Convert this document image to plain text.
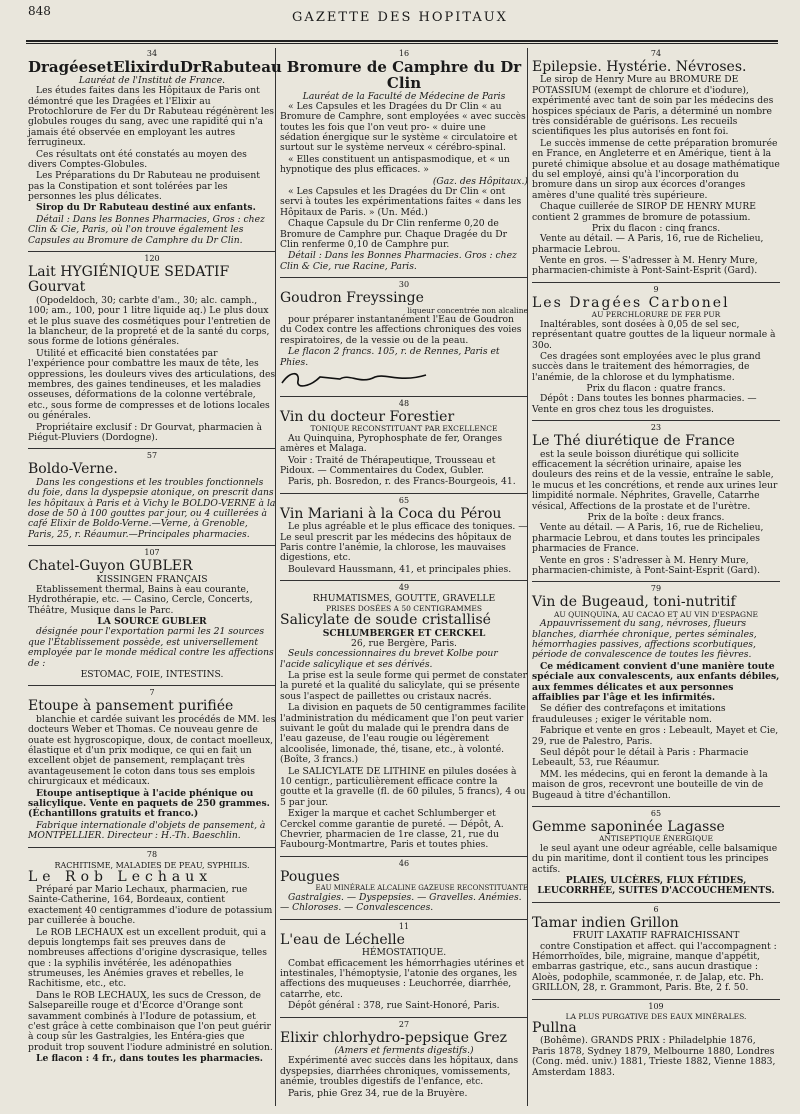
848	GAZETTE DES HOPITAUX
34
DragéesetElixirduDrRabuteau
Lauréat de l'Institut de France.

Les études faites dans les Hôpitaux de Paris ont démontré que les Dragées et l'Elixir au Protochlorure de Fer du Dr Rabuteau régénèrent les globules rouges du sang, avec une rapidité qui n'a jamais été observée en employant les autres ferrugineux.

Ces résultats ont été constatés au moyen des divers Comptes-Globules.

Les Préparations du Dr Rabuteau ne produisent pas la Constipation et sont tolérées par les personnes les plus délicates.

Sirop du Dr Rabuteau destiné aux enfants.

Détail : Dans les Bonnes Pharmacies, Gros : chez Clin & Cie, Paris, où l'on trouve également les Capsules au Bromure de Camphre du Dr Clin.

120
Lait HYGIÉNIQUE SEDATIF Gourvat

(Opodeldoch, 30; carbte d'am., 30; alc. camph., 100; am., 100, pour 1 litre liquide aq.) Le plus doux et le plus suave des cosmétiques pour l'entretien de la blancheur, de la propreté et de la santé du corps, sous forme de lotions générales.

Utilité et efficacité bien constatées par l'expérience pour combattre les maux de tête, les oppressions, les douleurs vives des articulations, des membres, des gaines tendineuses, et les maladies osseuses, déformations de la colonne vertébrale, etc., sous forme de compresses et de lotions locales ou générales.

Propriétaire exclusif : Dr Gourvat, pharmacien à Piégut-Pluviers (Dordogne).

57
Boldo-Verne.

Dans les congestions et les troubles fonctionnels du foie, dans la dyspepsie atonique, on prescrit dans les hôpitaux à Paris et à Vichy le BOLDO-VERNE à la dose de 50 à 100 gouttes par jour, ou 4 cuillerées à café Elixir de Boldo-Verne.—Verne, à Grenoble, Paris, 25, r. Réaumur.—Principales pharmacies.

107
Chatel-Guyon GUBLER
KISSINGEN FRANÇAIS

Etablissement thermal, Bains à eau courante, Hydrothérapie, etc. — Casino, Cercle, Concerts, Théâtre, Musique dans le Parc.

LA SOURCE GUBLER

désignée pour l'exportation parmi les 21 sources que l'Établissement possède, est universellement employée par le monde médical contre les affections de :

ESTOMAC, FOIE, INTESTINS.
7
Etoupe à pansement purifiée

blanchie et cardée suivant les procédés de MM. les docteurs Weber et Thomas. Ce nouveau genre de ouate est hygroscopique, doux, de contact moelleux, élastique et d'un prix modique, ce qui en fait un excellent objet de pansement, remplaçant très avantageusement le coton dans tous ses emplois chirurgicaux et médicaux.

Etoupe antiseptique à l'acide phénique ou salicylique. Vente en paquets de 250 grammes. (Échantillons gratuits et franco.)

Fabrique internationale d'objets de pansement, à MONTPELLIER. Directeur : H.-Th. Baeschlin.

78
RACHITISME, MALADIES DE PEAU, SYPHILIS.
Le Rob Lechaux

Préparé par Mario Lechaux, pharmacien, rue Sainte-Catherine, 164, Bordeaux, contient exactement 40 centigrammes d'iodure de potassium par cuillerée à bouche.

Le ROB LECHAUX est un excellent produit, qui a depuis longtemps fait ses preuves dans de nombreuses affections d'origine dyscrasique, telles que : la syphilis invétérée, les adénopathies strumeuses, les Anémies graves et rebelles, le Rachitisme, etc., etc.

Dans le ROB LECHAUX, les sucs de Cresson, de Salsepareille rouge et d'Écorce d'Orange sont savamment combinés à l'Iodure de potassium, et c'est grâce à cette combinaison que l'on peut guérir à coup sûr les Gastralgies, les Entéra-gies que produit trop souvent l'iodure administré en solution.

Le flacon : 4 fr., dans toutes les pharmacies.

16
Bromure de Camphre du Dr Clin
Lauréat de la Faculté de Médecine de Paris

« Les Capsules et les Dragées du Dr Clin « au Bromure de Camphre, sont employées « avec succès toutes les fois que l'on veut pro- « duire une sédation énergique sur le système « circulatoire et surtout sur le système nerveux « cérébro-spinal.

« Elles constituent un antispasmodique, et « un hypnotique des plus efficaces. »

(Gaz. des Hôpitaux.)

« Les Capsules et les Dragées du Dr Clin « ont servi à toutes les expérimentations faites « dans les Hôpitaux de Paris. » (Un. Méd.)

Chaque Capsule du Dr Clin renferme 0,20 de Bromure de Camphre pur. Chaque Dragée du Dr Clin renferme 0,10 de Camphre pur.

Détail : Dans les Bonnes Pharmacies. Gros : chez Clin & Cie, rue Racine, Paris.

30
Goudron Freyssinge
liqueur concentrée non alcaline

pour préparer instantanément l'Eau de Goudron du Codex contre les affections chroniques des voies respiratoires, de la vessie ou de la peau.

Le flacon 2 francs. 105, r. de Rennes, Paris et Phies.

48
Vin du docteur Forestier
TONIQUE RECONSTITUANT PAR EXCELLENCE

Au Quinquina, Pyrophosphate de fer, Oranges amères et Malaga.

Voir : Traité de Thérapeutique, Trousseau et Pidoux. — Commentaires du Codex, Gubler.

Paris, ph. Bosredon, r. des Francs-Bourgeois, 41.

65
Vin Mariani à la Coca du Pérou

Le plus agréable et le plus efficace des toniques. — Le seul prescrit par les médecins des hôpitaux de Paris contre l'anémie, la chlorose, les mauvaises digestions, etc.

Boulevard Haussmann, 41, et principales phies.

49
RHUMATISMES, GOUTTE, GRAVELLE
PRISES DOSÉES A 50 CENTIGRAMMES
Salicylate de soude cristallisé
SCHLUMBERGER ET CERCKEL
26, rue Bergère, Paris.

Seuls concessionnaires du brevet Kolbe pour l'acide salicylique et ses dérivés.

La prise est la seule forme qui permet de constater la pureté et la qualité du salicylate, qui se présente sous l'aspect de paillettes ou cristaux nacrés.

La division en paquets de 50 centigrammes facilite l'administration du médicament que l'on peut varier suivant le goût du malade qui le prendra dans de l'eau gazeuse, de l'eau rougie ou légèrement alcoolisée, limonade, thé, tisane, etc., à volonté. (Boîte, 3 francs.)

Le SALICYLATE DE LITHINE en pilules dosées à 10 centigr., particulièrement efficace contre la goutte et la gravelle (fl. de 60 pilules, 5 francs), 4 ou 5 par jour.

Exiger la marque et cachet Schlumberger et Cerckel comme garantie de pureté. — Dépôt, A. Chevrier, pharmacien de 1re classe, 21, rue du Faubourg-Montmartre, Paris et toutes phies.

46
Pougues
EAU MINÉRALE ALCALINE GAZEUSE RECONSTITUANTE

Gastralgies. — Dyspepsies. — Gravelles. Anémies. — Chloroses. — Convalescences.

11
L'eau de Léchelle
HÉMOSTATIQUE.

Combat efficacement les hémorrhagies utérines et intestinales, l'hémoptysie, l'atonie des organes, les affections des muqueuses : Leuchorrée, diarrhée, catarrhe, etc.

Dépôt général : 378, rue Saint-Honoré, Paris.

27
Elixir chlorhydro-pepsique Grez
(Amers et ferments digestifs.)

Expérimenté avec succès dans les hôpitaux, dans dyspepsies, diarrhées chroniques, vomissements, anémie, troubles digestifs de l'enfance, etc.

Paris, phie Grez 34, rue de la Bruyère.

74
Epilepsie. Hystérie. Névroses.

Le sirop de Henry Mure au BROMURE DE POTASSIUM (exempt de chlorure et d'iodure), expérimenté avec tant de soin par les médecins des hospices spéciaux de Paris, a déterminé un nombre très considérable de guérisons. Les recueils scientifiques les plus autorisés en font foi.

Le succès immense de cette préparation bromurée en France, en Angleterre et en Amérique, tient à la pureté chimique absolue et au dosage mathématique du sel employé, ainsi qu'à l'incorporation du bromure dans un sirop aux écorces d'oranges amères d'une qualité très supérieure.

Chaque cuillerée de SIROP DE HENRY MURE contient 2 grammes de bromure de potassium.

Prix du flacon : cinq francs.

Vente au détail. — A Paris, 16, rue de Richelieu, pharmacie Lebrou.

Vente en gros. — S'adresser à M. Henry Mure, pharmacien-chimiste à Pont-Saint-Esprit (Gard).

9
Les Dragées Carbonel
AU PERCHLORURE DE FER PUR

Inaltérables, sont dosées à 0,05 de sel sec, représentant quatre gouttes de la liqueur normale à 30o.

Ces dragées sont employées avec le plus grand succès dans le traitement des hémorragies, de l'anémie, de la chlorose et du lymphatisme.

Prix du flacon : quatre francs.

Dépôt : Dans toutes les bonnes pharmacies. — Vente en gros chez tous les droguistes.

23
Le Thé diurétique de France

est la seule boisson diurétique qui sollicite efficacement la sécrétion urinaire, apaise les douleurs des reins et de la vessie, entraîne le sable, le mucus et les concrétions, et rende aux urines leur limpidité normale. Néphrites, Gravelle, Catarrhe vésical, Affections de la prostate et de l'urètre.

Prix de la boîte : deux francs.

Vente au détail. — A Paris, 16, rue de Richelieu, pharmacie Lebrou, et dans toutes les principales pharmacies de France.

Vente en gros : S'adresser à M. Henry Mure, pharmacien-chimiste, à Pont-Saint-Esprit (Gard).

79
Vin de Bugeaud, toni-nutritif
AU QUINQUINA, AU CACAO ET AU VIN D'ESPAGNE

Appauvrissement du sang, névroses, flueurs blanches, diarrhée chronique, pertes séminales, hémorrhagies passives, affections scorbutiques, période de convalescence de toutes les fièvres.

Ce médicament convient d'une manière toute spéciale aux convalescents, aux enfants débiles, aux femmes délicates et aux personnes affaiblies par l'âge et les infirmités.

Se défier des contrefaçons et imitations frauduleuses ; exiger le véritable nom.

Fabrique et vente en gros : Lebeault, Mayet et Cie, 29, rue de Palestro, Paris.

Seul dépôt pour le détail à Paris : Pharmacie Lebeault, 53, rue Réaumur.

MM. les médecins, qui en feront la demande à la maison de gros, recevront une bouteille de vin de Bugeaud à titre d'échantillon.

65
Gemme saponinée Lagasse
ANTISEPTIQUE ÉNERGIQUE

le seul ayant une odeur agréable, celle balsamique du pin maritime, dont il contient tous les principes actifs.

PLAIES, ULCÈRES, FLUX FÉTIDES, LEUCORRHÉE, SUITES D'ACCOUCHEMENTS.
6
Tamar indien Grillon
FRUIT LAXATIF RAFRAICHISSANT

contre Constipation et affect. qui l'accompagnent : Hémorrhoïdes, bile, migraine, manque d'appétit, embarras gastrique, etc., sans aucun drastique : Aloès, podophile, scammonée, r. de Jalap, etc. Ph. GRILLON, 28, r. Grammont, Paris. Bte, 2 f. 50.

109
LA PLUS PURGATIVE DES EAUX MINÉRALES.
Pullna

(Bohême). GRANDS PRIX : Philadelphie 1876, Paris 1878, Sydney 1879, Melbourne 1880, Londres (Cong. méd. univ.) 1881, Trieste 1882, Vienne 1883, Amsterdam 1883.
